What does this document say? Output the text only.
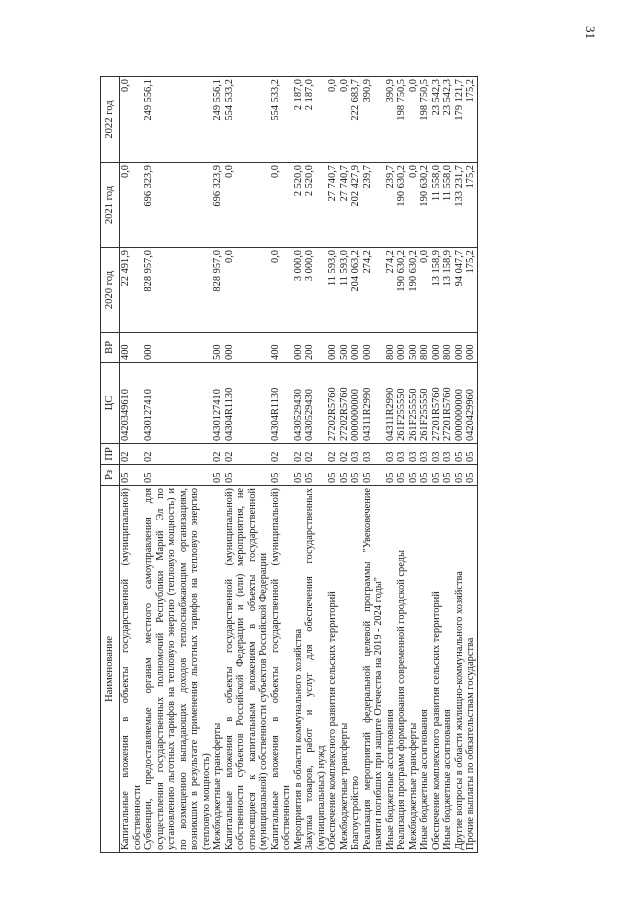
31
Наименование	Рз	ПР	ЦС	ВР	2020 год	2021 год	2022 год
Капитальные вложения в объекты государственной (муниципальной) собственности	05	02	0420349610	400	22 491,9	0,0	0,0
Субвенции, предоставляемые органам местного самоуправления для осуществления государственных полномочий Республики Марий Эл по установлению льготных тарифов на тепловую энергию (тепловую мощность) и по возмещению выпадающих доходов теплоснабжающим организациям, возникших в результате применения льготных тарифов на тепловую энергию (тепловую мощность)	05	02	0430127410	000	828 957,0	696 323,9	249 556,1
Межбюджетные трансферты	05	02	0430127410	500	828 957,0	696 323,9	249 556,1
Капитальные вложения в объекты государственной (муниципальной) собственности субъектов Российской Федерации и (или) мероприятия, не относящиеся к капитальным вложениям в объекты государственной (муниципальной) собственности субъектов Российской Федерации	05	02	04304R1130	000	0,0	0,0	554 533,2
Капитальные вложения в объекты государственной (муниципальной) собственности	05	02	04304R1130	400	0,0	0,0	554 533,2
Мероприятия в области коммунального хозяйства	05	02	0430529430	000	3 000,0	2 520,0	2 187,0
Закупка товаров, работ и услуг для обеспечения государственных (муниципальных) нужд	05	02	0430529430	200	3 000,0	2 520,0	2 187,0
Обеспечение комплексного развития сельских территорий	05	02	27202R5760	000	11 593,0	27 740,7	0,0
Межбюджетные трансферты	05	02	27202R5760	500	11 593,0	27 740,7	0,0
Благоустройство	05	03	0000000000	000	204 063,2	202 427,9	222 683,7
Реализация мероприятий федеральной целевой программы "Увековечение памяти погибших при защите Отечества на 2019 - 2024 годы"	05	03	04311R2990	000	274,2	239,7	390,9
Иные бюджетные ассигнования	05	03	04311R2990	800	274,2	239,7	390,9
Реализация программ формирования современной городской среды	05	03	261F255550	000	190 630,2	190 630,2	198 750,5
Межбюджетные трансферты	05	03	261F255550	500	190 630,2	0,0	0,0
Иные бюджетные ассигнования	05	03	261F255550	800	0,0	190 630,2	198 750,5
Обеспечение комплексного развития сельских территорий	05	03	27201R5760	000	13 158,9	11 558,0	23 542,3
Иные бюджетные ассигнования	05	03	27201R5760	800	13 158,9	11 558,0	23 542,3
Другие вопросы в области жилищно-коммунального хозяйства	05	05	0000000000	000	94 047,7	133 231,7	179 121,7
Прочие выплаты по обязательствам государства	05	05	0420429960	000	175,2	175,2	175,2
